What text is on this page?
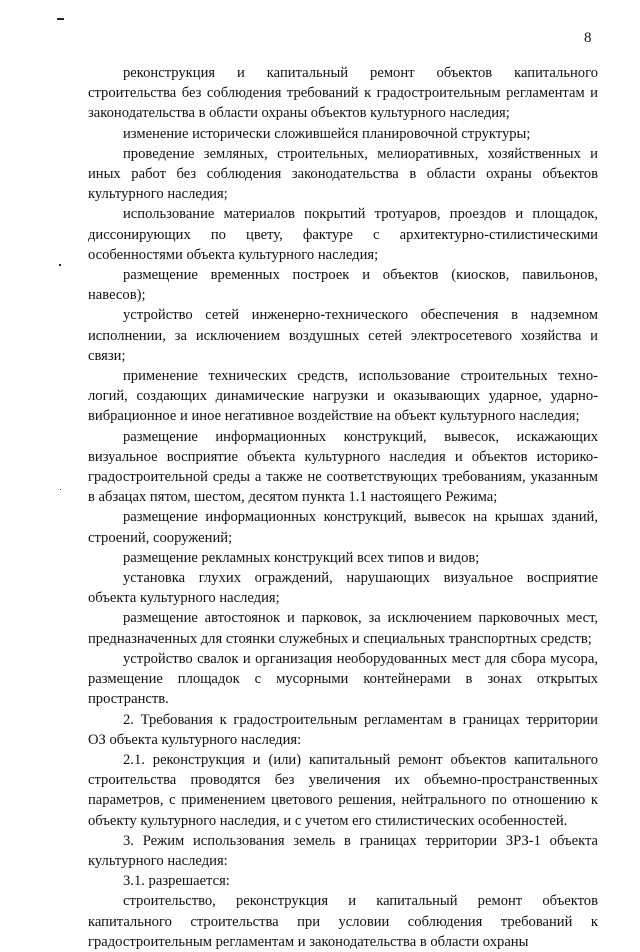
8

реконструкция и капитальный ремонт объектов капитального строительства без соблюдения требований к градостроительным регламентам и законодательства в области охраны объектов культурного наследия;

изменение исторически сложившейся планировочной структуры;

проведение земляных, строительных, мелиоративных, хозяйственных и иных работ без соблюдения законодательства в области охраны объектов культурного наследия;

использование материалов покрытий тротуаров, проездов и площадок, диссонирующих по цвету, фактуре с архитектурно-стилистическими особенностями объекта культурного наследия;

размещение временных построек и объектов (киосков, павильонов, навесов);

устройство сетей инженерно-технического обеспечения в надземном исполнении, за исключением воздушных сетей электросетевого хозяйства и связи;

применение технических средств, использование строительных технологий, создающих динамические нагрузки и оказывающих ударное, ударно-вибрационное и иное негативное воздействие на объект культурного наследия;

размещение информационных конструкций, вывесок, искажающих визуальное восприятие объекта культурного наследия и объектов историко-градостроительной среды а также не соответствующих требованиям, указанным в абзацах пятом, шестом, десятом пункта 1.1 настоящего Режима;

размещение информационных конструкций, вывесок на крышах зданий, строений, сооружений;

размещение рекламных конструкций всех типов и видов;

установка глухих ограждений, нарушающих визуальное восприятие объекта культурного наследия;

размещение автостоянок и парковок, за исключением парковочных мест, предназначенных для стоянки служебных и специальных транспортных средств;

устройство свалок и организация необорудованных мест для сбора мусора, размещение площадок с мусорными контейнерами в зонах открытых пространств.

2. Требования к градостроительным регламентам в границах территории ОЗ объекта культурного наследия:

2.1. реконструкция и (или) капитальный ремонт объектов капитального строительства проводятся без увеличения их объемно-пространственных параметров, с применением цветового решения, нейтрального по отношению к объекту культурного наследия, и с учетом его стилистических особенностей.

3. Режим использования земель в границах территории ЗРЗ-1 объекта культурного наследия:

3.1. разрешается:

строительство, реконструкция и капитальный ремонт объектов капитального строительства при условии соблюдения требований к градостроительным регламентам и законодательства в области охраны
